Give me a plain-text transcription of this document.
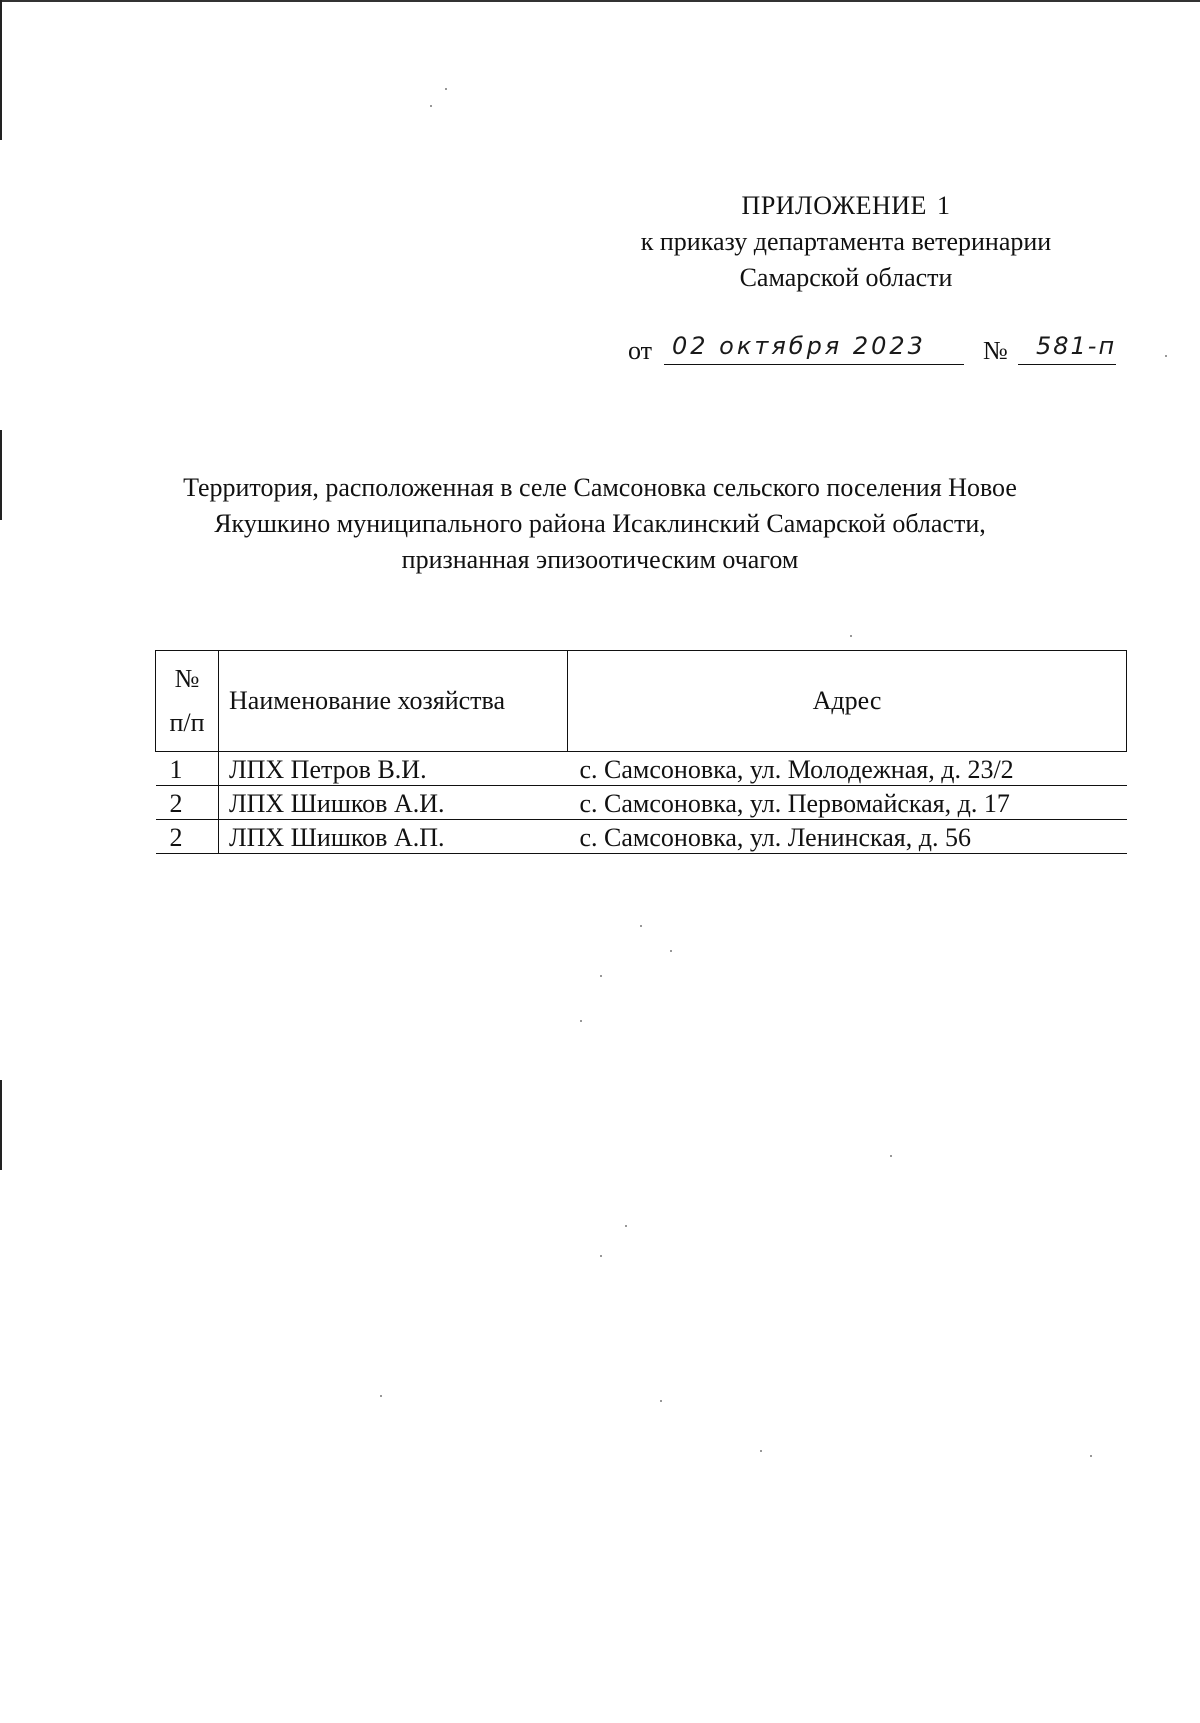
ПРИЛОЖЕНИЕ 1
к приказу департамента ветеринарии
Самарской области
от 02 октября 2023 № 581-п
Территория, расположенная в селе Самсоновка сельского поселения Новое
Якушкино муниципального района Исаклинский Самарской области,
признанная эпизоотическим очагом
№
п/п	Наименование хозяйства	Адрес
1	ЛПХ Петров В.И.	с. Самсоновка, ул. Молодежная, д. 23/2
2	ЛПХ Шишков А.И.	с. Самсоновка, ул. Первомайская, д. 17
2	ЛПХ Шишков А.П.	с. Самсоновка, ул. Ленинская, д. 56
